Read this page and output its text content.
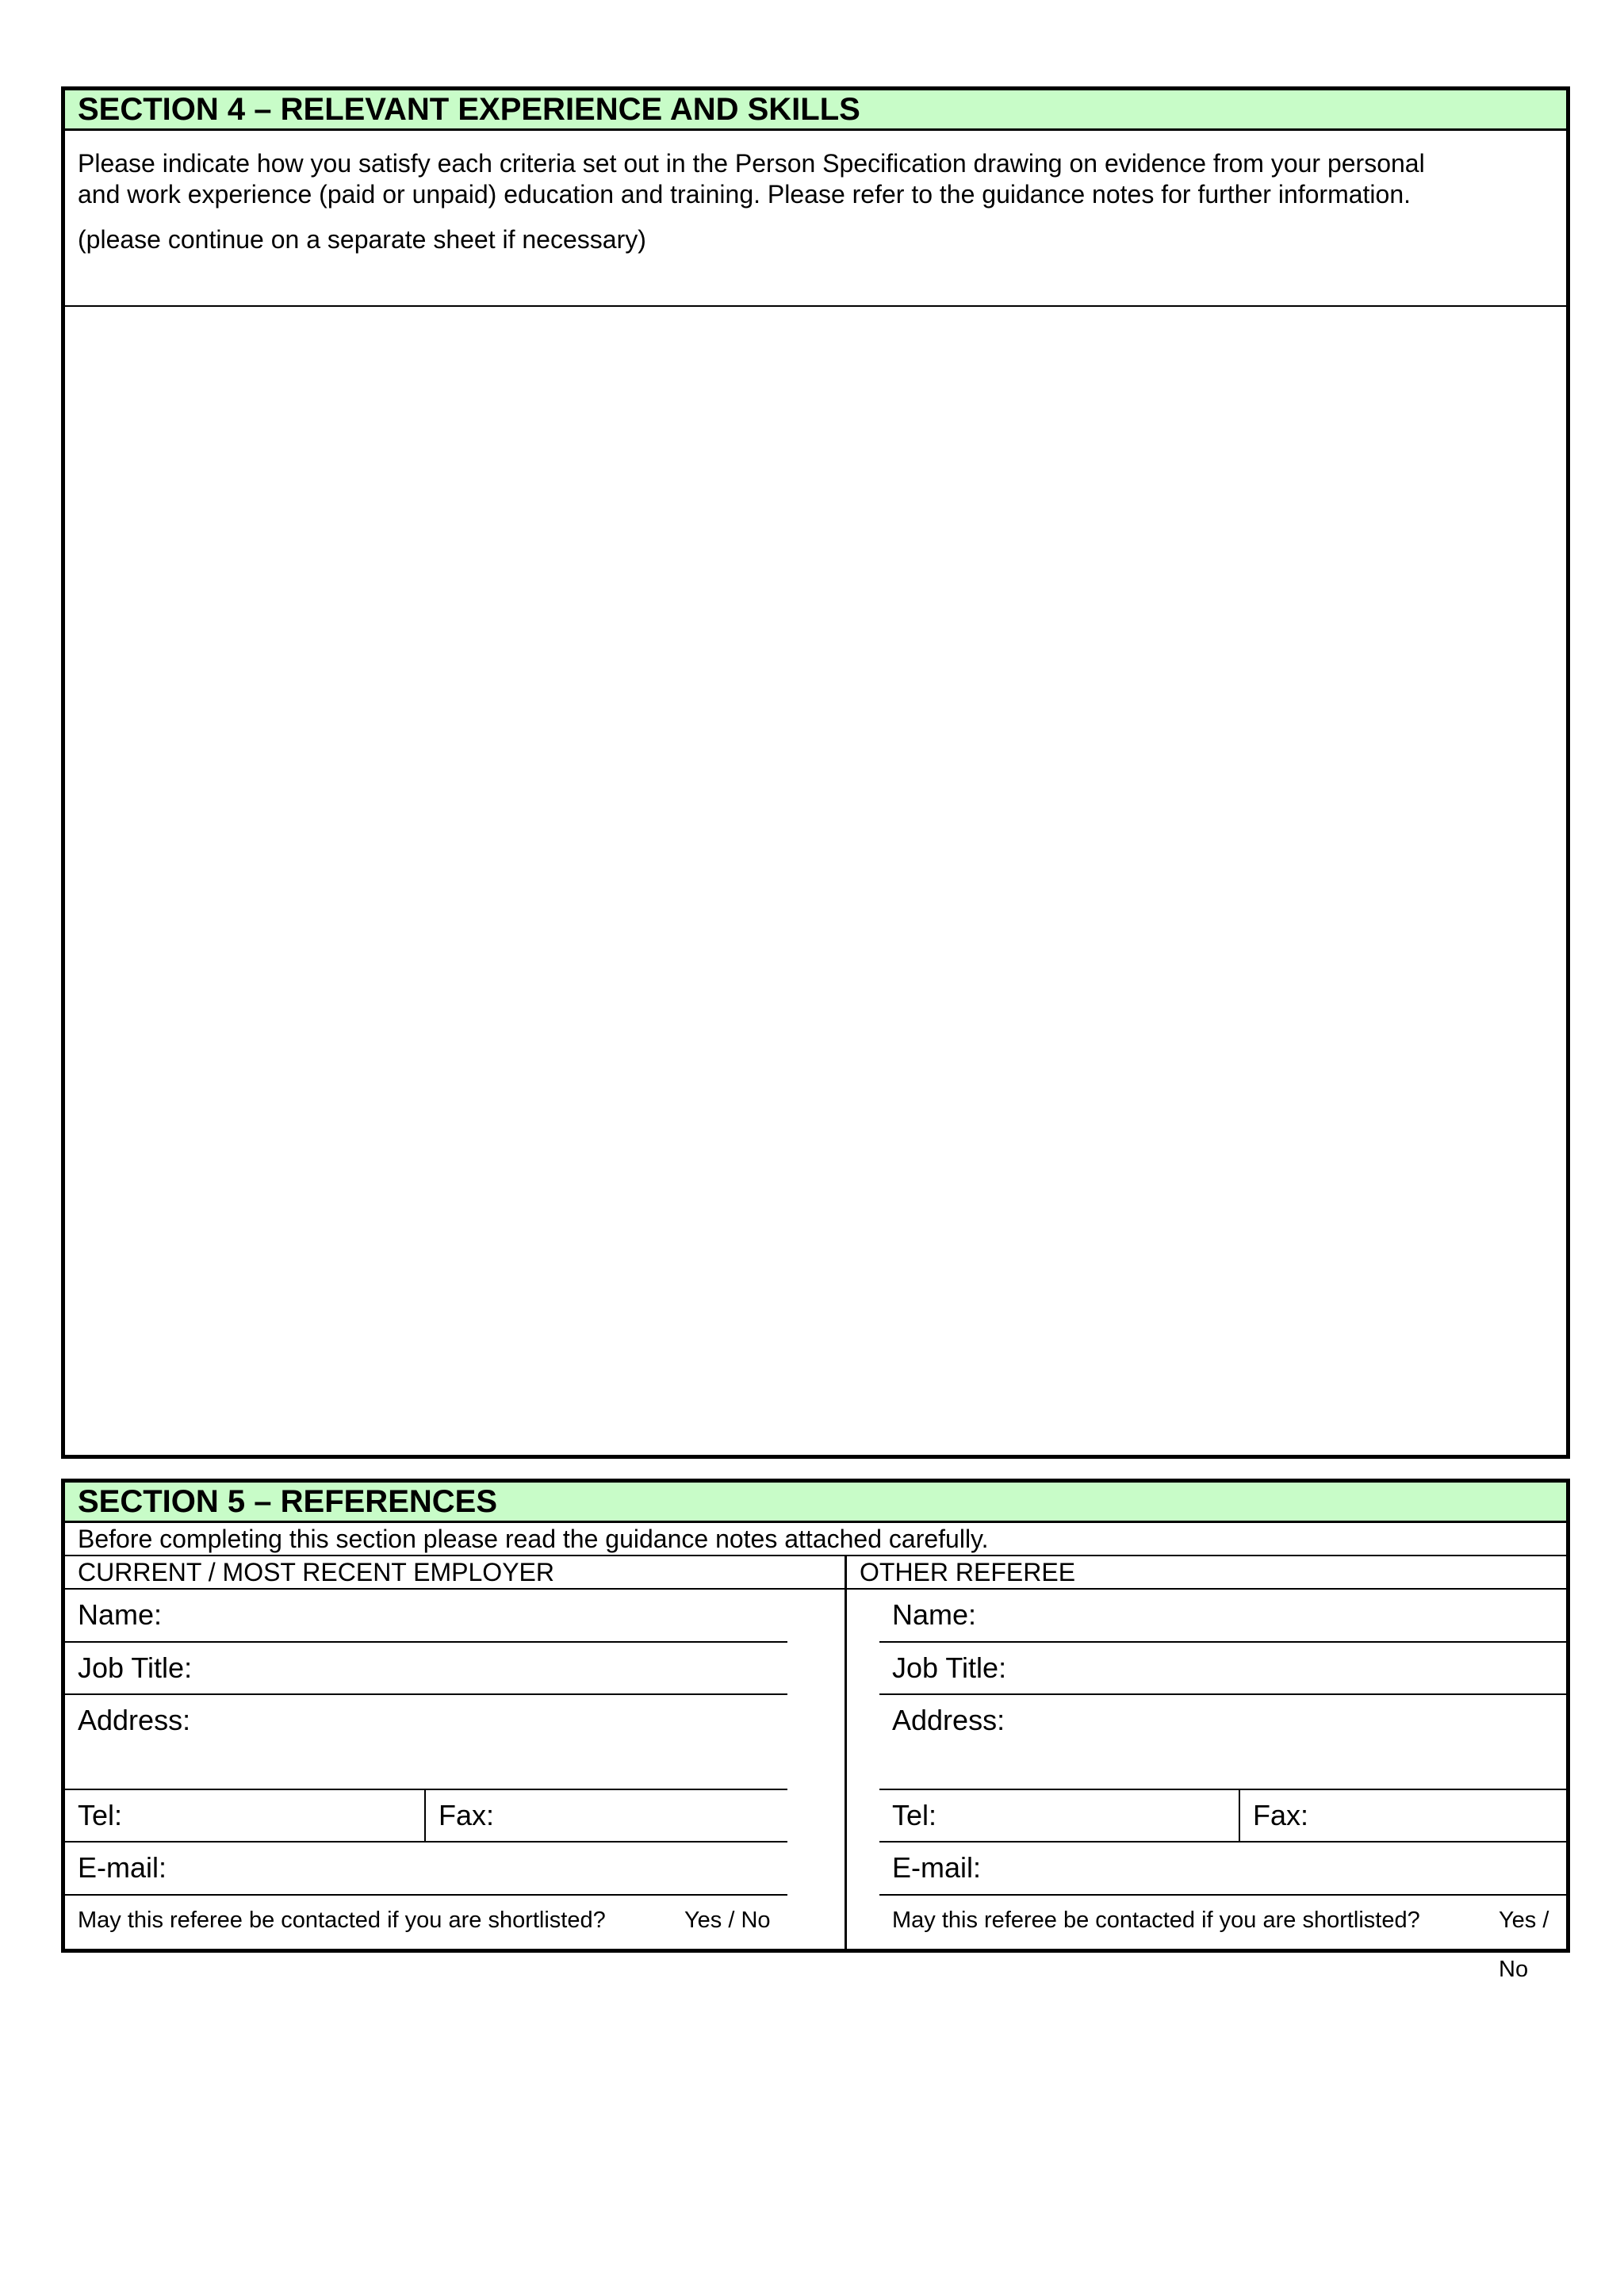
SECTION 4 – RELEVANT EXPERIENCE AND SKILLS

Please indicate how you satisfy each criteria set out in the Person Specification drawing on evidence from your personal

and work experience (paid or unpaid) education and training. Please refer to the guidance notes for further information.

(please continue on a separate sheet if necessary)

SECTION 5 – REFERENCES
Before completing this section please read the guidance notes attached carefully.
CURRENT / MOST RECENT EMPLOYER	OTHER REFEREE
Name:
Job Title:
Address:
Tel:	Fax:
E-mail:
May this referee be contacted if you are shortlisted?	Yes / No
Name:
Job Title:
Address:
Tel:	Fax:
E-mail:
May this referee be contacted if you are shortlisted?	Yes / No
